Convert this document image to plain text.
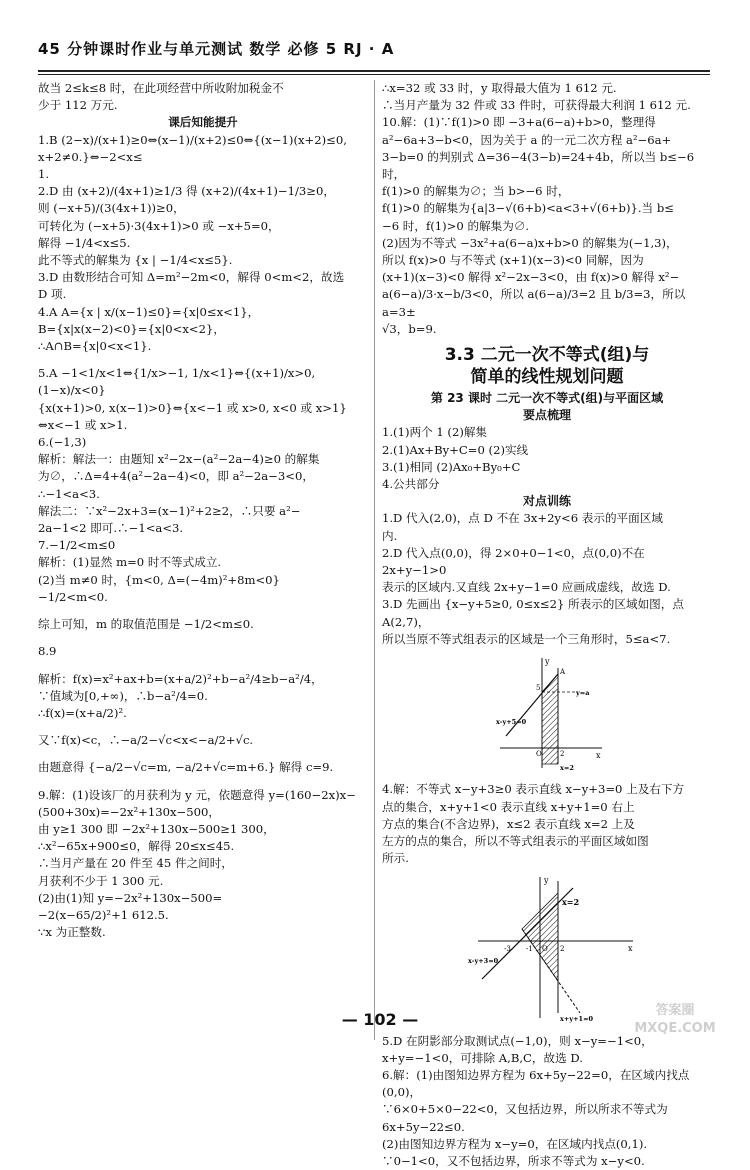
45 分钟课时作业与单元测试 数学 必修 5 RJ · A

故当 2≤k≤8 时，在此项经营中所收附加税金不

少于 112 万元.

课后知能提升

1.B (2−x)/(x+1)≥0⇔(x−1)/(x+2)≤0⇔{(x−1)(x+2)≤0, x+2≠0.}⇔−2<x≤

1.

2.D 由 (x+2)/(4x+1)≥1/3 得 (x+2)/(4x+1)−1/3≥0，

则 (−x+5)/(3(4x+1))≥0，

可转化为 (−x+5)·3(4x+1)>0 或 −x+5=0，

解得 −1/4<x≤5.

此不等式的解集为 {x | −1/4<x≤5}.

3.D 由数形结合可知 Δ=m²−2m<0，解得 0<m<2，故选

D 项.

4.A A={x | x/(x−1)≤0}={x|0≤x<1}，

B={x|x(x−2)<0}={x|0<x<2}，

∴A∩B={x|0<x<1}.

5.A −1<1/x<1⇔{1/x>−1, 1/x<1}⇔{(x+1)/x>0, (1−x)/x<0}

{x(x+1)>0, x(x−1)>0}⇔{x<−1 或 x>0, x<0 或 x>1}⇔x<−1 或 x>1.

6.(−1,3)

解析：解法一：由题知 x²−2x−(a²−2a−4)≥0 的解集

为∅，∴Δ=4+4(a²−2a−4)<0，即 a²−2a−3<0，

∴−1<a<3.

解法二：∵x²−2x+3=(x−1)²+2≥2，∴只要 a²−

2a−1<2 即可.∴−1<a<3.

7.−1/2<m≤0

解析：(1)显然 m=0 时不等式成立.

(2)当 m≠0 时，{m<0, Δ=(−4m)²+8m<0}

−1/2<m<0.

综上可知，m 的取值范围是 −1/2<m≤0.

8.9

解析：f(x)=x²+ax+b=(x+a/2)²+b−a²/4≥b−a²/4，

∵值域为[0,+∞)，∴b−a²/4=0.

∴f(x)=(x+a/2)².

又∵f(x)<c，∴−a/2−√c<x<−a/2+√c.

由题意得 {−a/2−√c=m, −a/2+√c=m+6.} 解得 c=9.

9.解：(1)设该厂的月获利为 y 元，依题意得 y=(160−2x)x−

(500+30x)=−2x²+130x−500，

由 y≥1 300 即 −2x²+130x−500≥1 300，

∴x²−65x+900≤0，解得 20≤x≤45.

∴当月产量在 20 件至 45 件之间时，

月获利不少于 1 300 元.

(2)由(1)知 y=−2x²+130x−500=

−2(x−65/2)²+1 612.5.

∵x 为正整数.

∴x=32 或 33 时，y 取得最大值为 1 612 元.

∴当月产量为 32 件或 33 件时，可获得最大利润 1 612 元.

10.解：(1)∵f(1)>0 即 −3+a(6−a)+b>0，整理得

a²−6a+3−b<0，因为关于 a 的一元二次方程 a²−6a+

3−b=0 的判别式 Δ=36−4(3−b)=24+4b，所以当 b≤−6 时，

f(1)>0 的解集为∅；当 b>−6 时，

f(1)>0 的解集为{a|3−√(6+b)<a<3+√(6+b)}.当 b≤

−6 时，f(1)>0 的解集为∅.

(2)因为不等式 −3x²+a(6−a)x+b>0 的解集为(−1,3)，

所以 f(x)>0 与不等式 (x+1)(x−3)<0 同解，因为

(x+1)(x−3)<0 解得 x²−2x−3<0，由 f(x)>0 解得 x²−

a(6−a)/3·x−b/3<0，所以 a(6−a)/3=2 且 b/3=3，所以 a=3±

√3，b=9.

3.3 二元一次不等式(组)与
简单的线性规划问题

第 23 课时 二元一次不等式(组)与平面区域

要点梳理

1.(1)两个 1 (2)解集

2.(1)Ax+By+C=0 (2)实线

3.(1)相同 (2)Ax₀+By₀+C

4.公共部分

对点训练

1.D 代入(2,0)，点 D 不在 3x+2y<6 表示的平面区域

内.

2.D 代入点(0,0)，得 2×0+0−1<0，点(0,0)不在 2x+y−1>0

表示的区域内.又直线 2x+y−1=0 应画成虚线，故选 D.

3.D 先画出 {x−y+5≥0, 0≤x≤2} 所表示的区域如图，点 A(2,7)，

所以当原不等式组表示的区域是一个三角形时，5≤a<7.

y
x
x-y+5=0
y=a
x=2
A
O
5
2

4.解：不等式 x−y+3≥0 表示直线 x−y+3=0 上及右下方

点的集合，x+y+1<0 表示直线 x+y+1=0 右上

方点的集合(不含边界)，x≤2 表示直线 x=2 上及

左方的点的集合，所以不等式组表示的平面区域如图

所示.

y
x
x=2
x-y+3=0
x+y+1=0
-3 -1 O 2

5.D 在阴影部分取测试点(−1,0)，则 x−y=−1<0，

x+y=−1<0，可排除 A,B,C，故选 D.

6.解：(1)由图知边界方程为 6x+5y−22=0，在区域内找点

(0,0)，

∵6×0+5×0−22<0，又包括边界，所以所求不等式为

6x+5y−22≤0.

(2)由图知边界方程为 x−y=0，在区域内找点(0,1).

∵0−1<0，又不包括边界，所求不等式为 x−y<0.

— 102 —	答案圈
MXQE.COM
